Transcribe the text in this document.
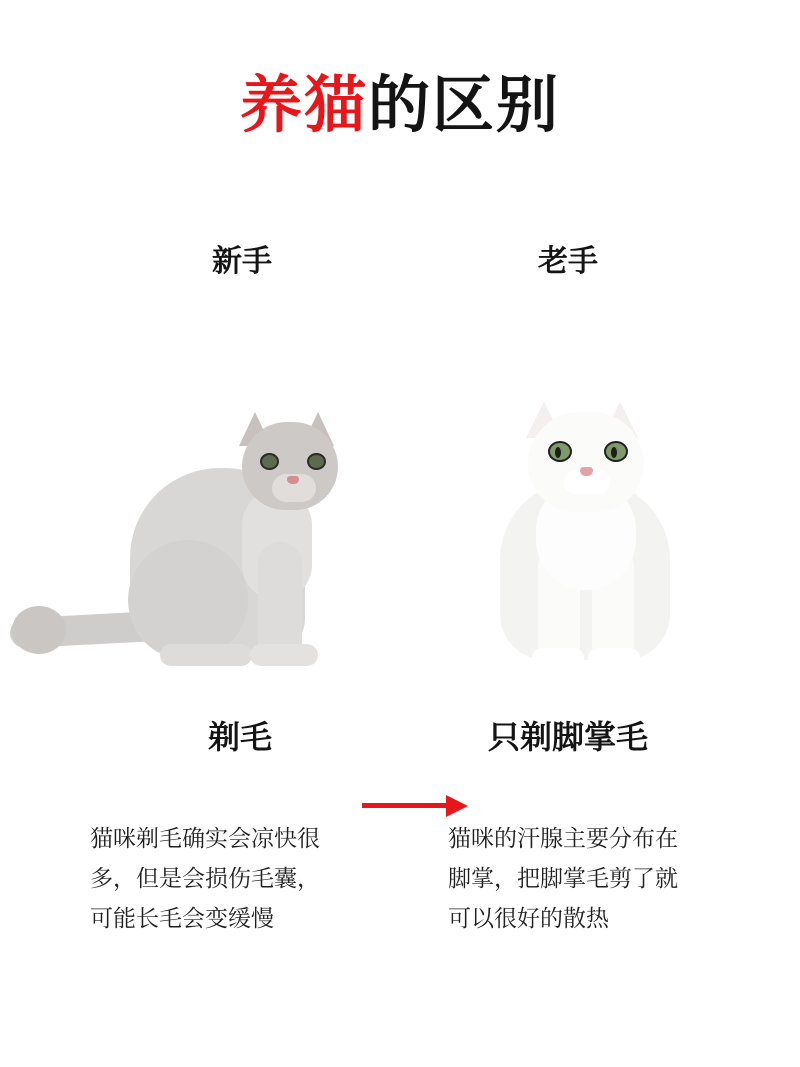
养猫的区别
新手	老手
剃毛	只剃脚掌毛
猫咪剃毛确实会凉快很
多，但是会损伤毛囊，
可能长毛会变缓慢
猫咪的汗腺主要分布在
脚掌，把脚掌毛剪了就
可以很好的散热
